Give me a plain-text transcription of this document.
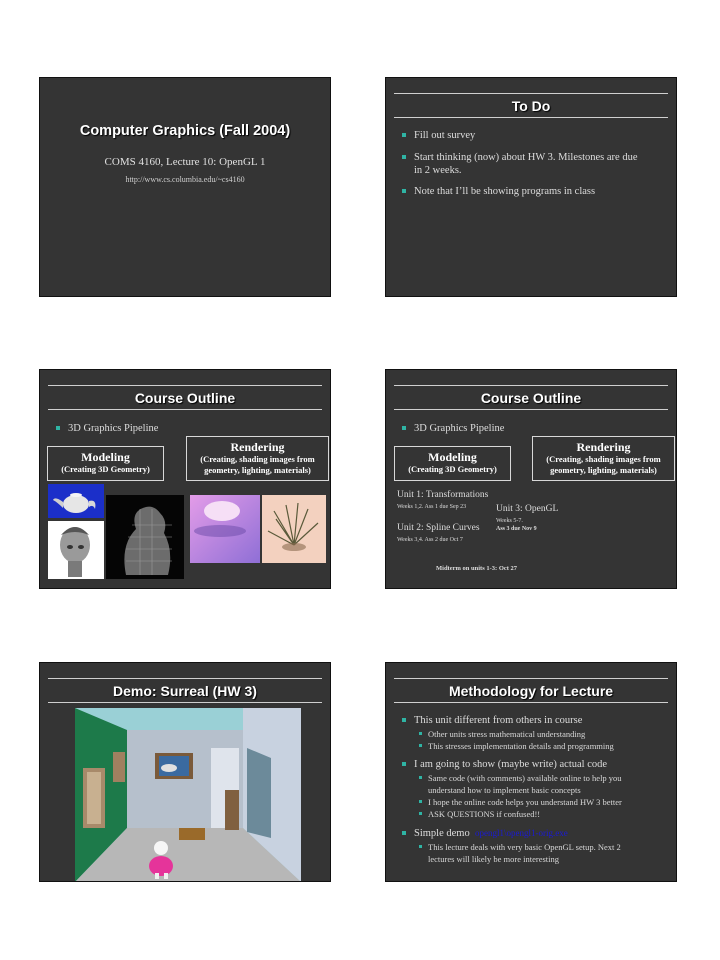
Computer Graphics (Fall 2004)
COMS 4160, Lecture 10: OpenGL 1
http://www.cs.columbia.edu/~cs4160
To Do
Fill out survey
Start thinking (now) about HW 3. Milestones are due
in 2 weeks.
Note that I’ll be showing programs in class
Course Outline
3D Graphics Pipeline
Modeling
(Creating 3D Geometry)
Rendering
(Creating, shading images from
geometry, lighting, materials)
Course Outline
3D Graphics Pipeline
Modeling
(Creating 3D Geometry)
Rendering
(Creating, shading images from
geometry, lighting, materials)
Unit 1: Transformations
Weeks 1,2. Ass 1 due Sep 23
Unit 2: Spline Curves
Weeks 3,4. Ass 2 due Oct 7
Unit 3: OpenGL
Weeks 5-7.
Ass 3 due Nov 9
Midterm on units 1-3: Oct 27
Demo: Surreal (HW 3)	Methodology for Lecture
This unit different from others in course
Other units stress mathematical understanding
This stresses implementation details and programming
I am going to show (maybe write) actual code
Same code (with comments) available online to help you
understand how to implement basic concepts
I hope the online code helps you understand HW 3 better
ASK QUESTIONS if confused!!
Simple demo opengl1\opengl1-orig.exe
This lecture deals with very basic OpenGL setup. Next 2
lectures will likely be more interesting
